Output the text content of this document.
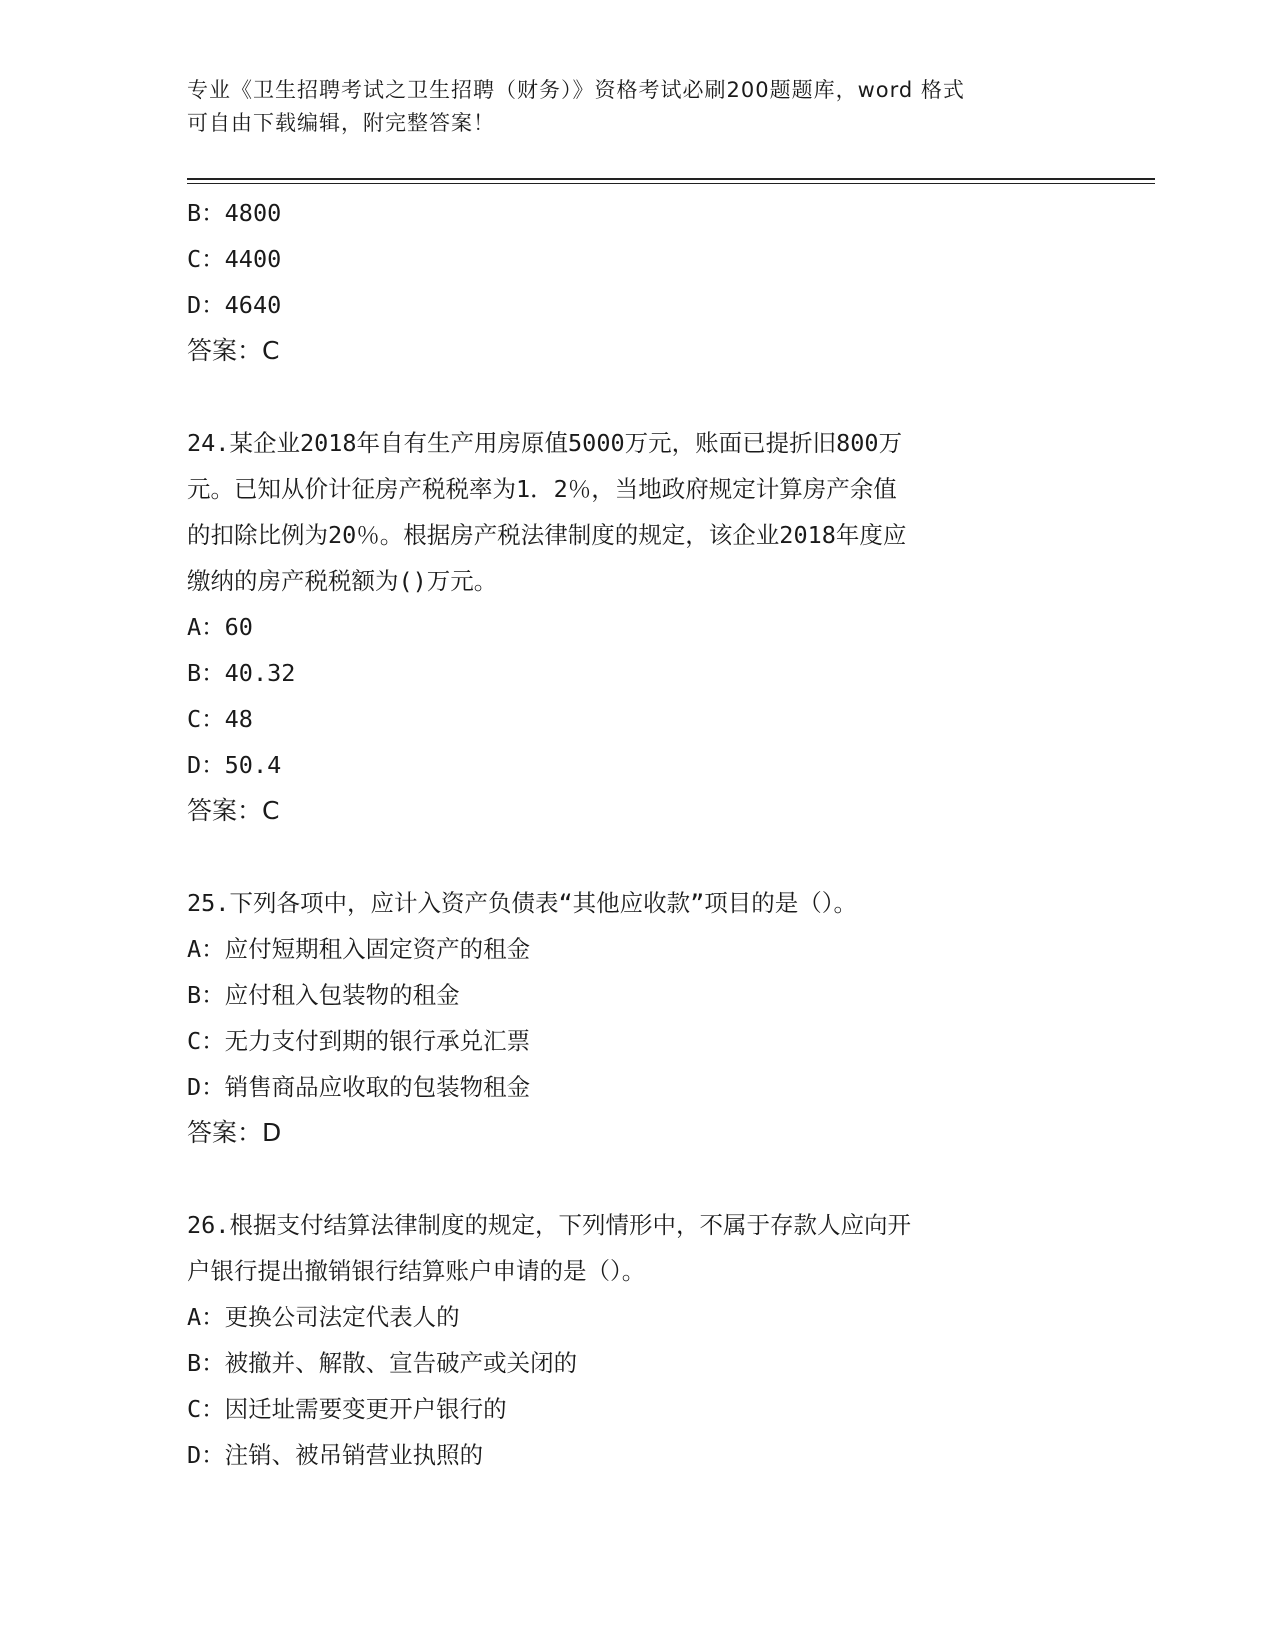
专业《卫生招聘考试之卫生招聘（财务）》资格考试必刷200题题库，word 格式
可自由下载编辑，附完整答案！
B：4800
C：4400
D：4640
答案：C
24.某企业2018年自有生产用房原值5000万元，账面已提折旧800万
元。已知从价计征房产税税率为1．2％，当地政府规定计算房产余值
的扣除比例为20％。根据房产税法律制度的规定，该企业2018年度应
缴纳的房产税税额为()万元。
A：60
B：40.32
C：48
D：50.4
答案：C
25.下列各项中，应计入资产负债表“其他应收款”项目的是（）。
A：应付短期租入固定资产的租金
B：应付租入包装物的租金
C：无力支付到期的银行承兑汇票
D：销售商品应收取的包装物租金
答案：D
26.根据支付结算法律制度的规定，下列情形中，不属于存款人应向开
户银行提出撤销银行结算账户申请的是（）。
A：更换公司法定代表人的
B：被撤并、解散、宣告破产或关闭的
C：因迁址需要变更开户银行的
D：注销、被吊销营业执照的
